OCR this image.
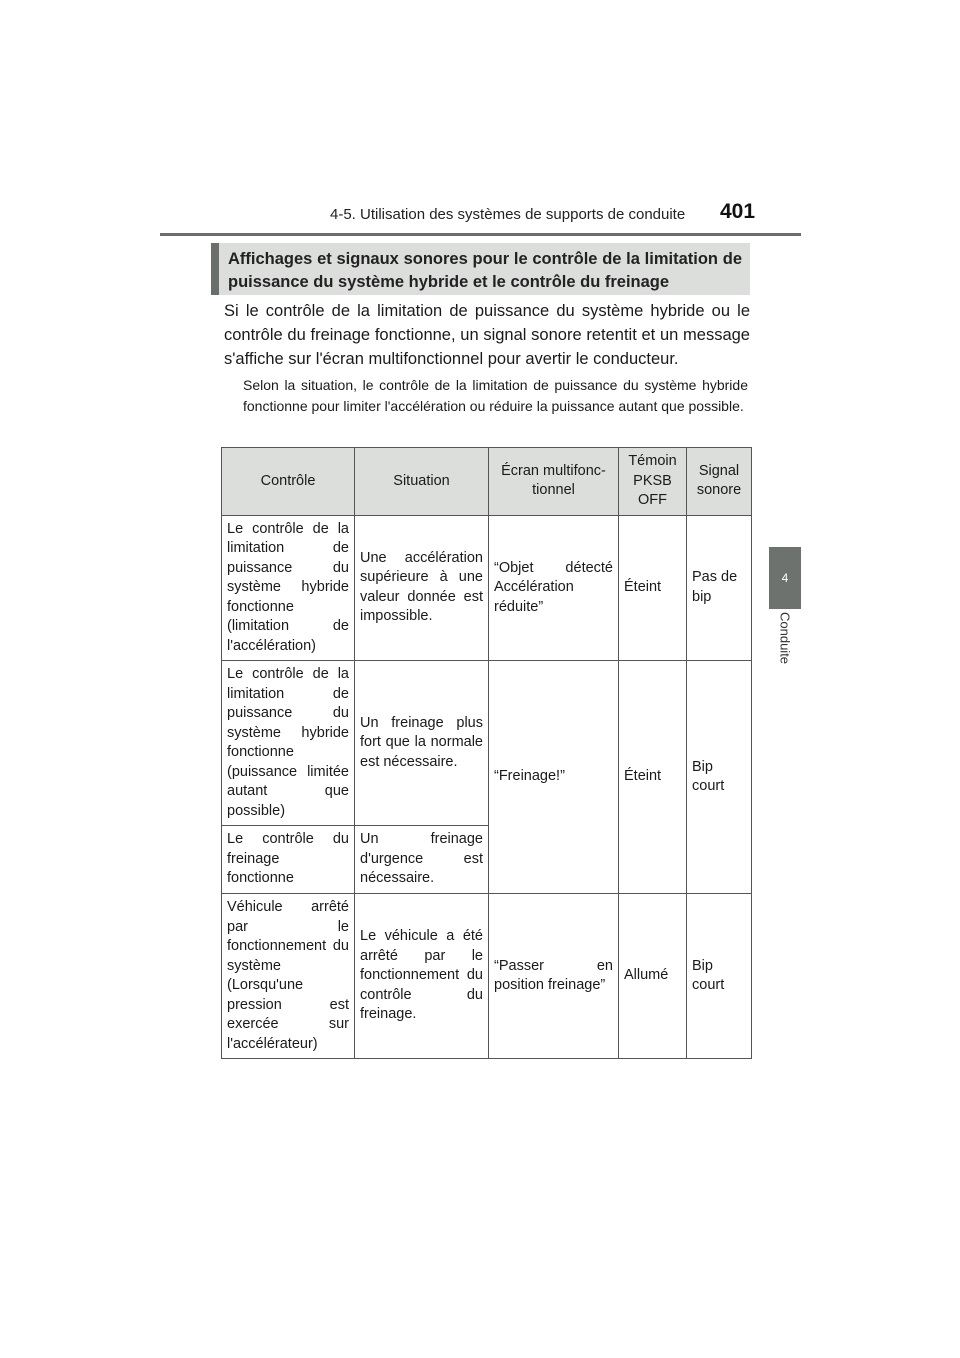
4-5. Utilisation des systèmes de supports de conduite 401
4
Conduite
Affichages et signaux sonores pour le contrôle de la limitation de puissance du système hybride et le contrôle du freinage
Si le contrôle de la limitation de puissance du système hybride ou le contrôle du freinage fonctionne, un signal sonore retentit et un message s'affiche sur l'écran multifonctionnel pour avertir le conducteur.
Selon la situation, le contrôle de la limitation de puissance du système hybride fonctionne pour limiter l'accélération ou réduire la puissance autant que possible.
Contrôle	Situation	Écran multifonc-tionnel	Témoin PKSB OFF	Signal sonore
Le contrôle de la limitation de puissance du système hybride fonctionne (limitation de l'accélération)	Une accélération supérieure à une valeur donnée est impossible.	“Objet détecté Accélération réduite”	Éteint	Pas de bip
Le contrôle de la limitation de puissance du système hybride fonctionne (puissance limitée autant que possible)	Un freinage plus fort que la normale est nécessaire.	“Freinage!”	Éteint	Bip court
Le contrôle du freinage fonctionne	Un freinage d'urgence est nécessaire.			
Véhicule arrêté par le fonctionnement du système (Lorsqu'une pression est exercée sur l'accélérateur)	Le véhicule a été arrêté par le fonctionnement du contrôle du freinage.	“Passer en position freinage”	Allumé	Bip court
